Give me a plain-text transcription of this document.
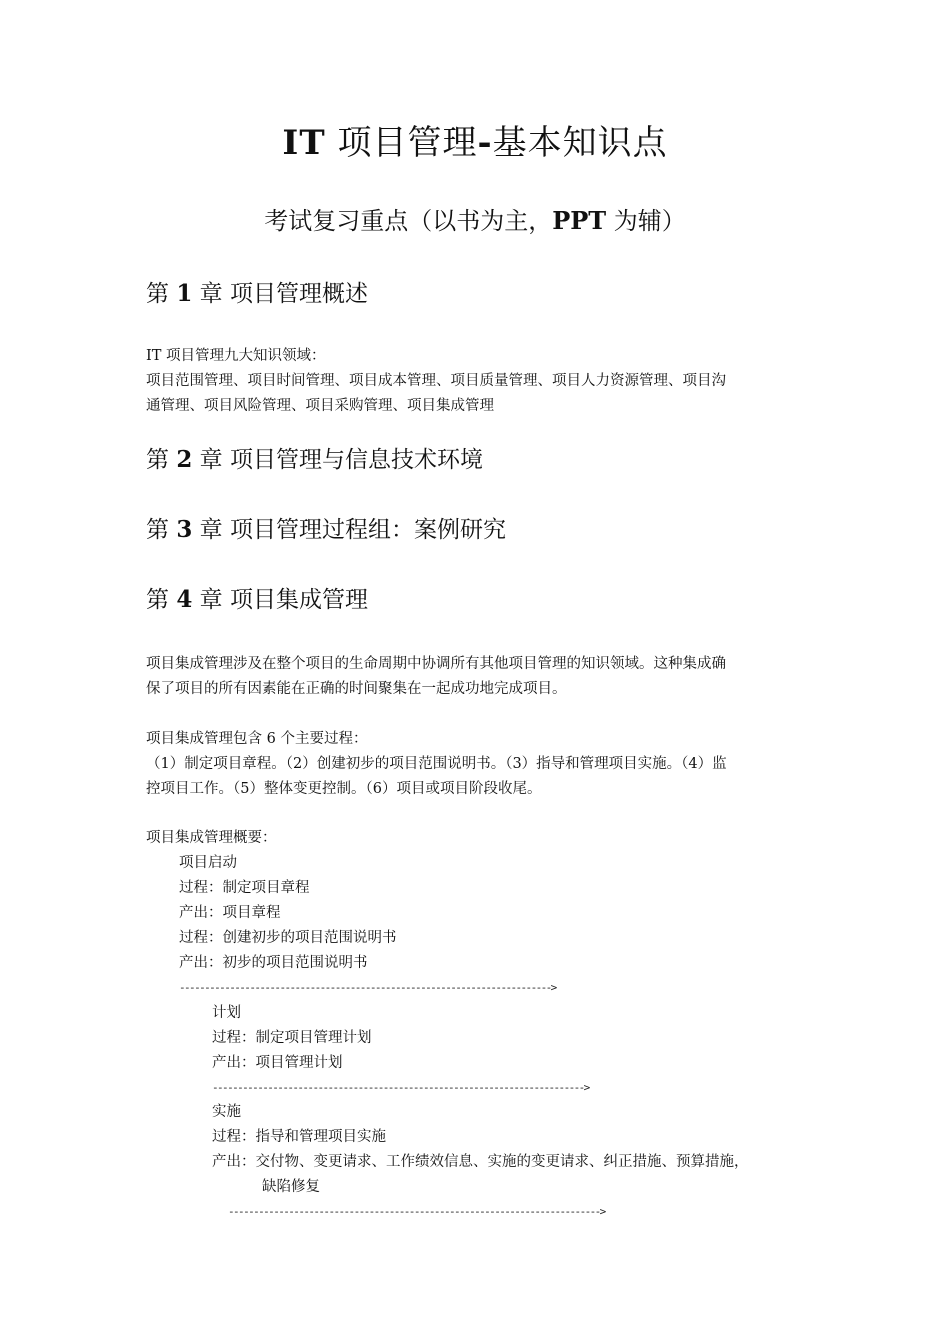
IT 项目管理-基本知识点
考试复习重点（以书为主，PPT 为辅）
第 1 章 项目管理概述
IT 项目管理九大知识领域：
项目范围管理、项目时间管理、项目成本管理、项目质量管理、项目人力资源管理、项目沟
通管理、项目风险管理、项目采购管理、项目集成管理
第 2 章 项目管理与信息技术环境
第 3 章 项目管理过程组：案例研究
第 4 章 项目集成管理
项目集成管理涉及在整个项目的生命周期中协调所有其他项目管理的知识领域。这种集成确
保了项目的所有因素能在正确的时间聚集在一起成功地完成项目。
项目集成管理包含 6 个主要过程：
（1）制定项目章程。（2）创建初步的项目范围说明书。（3）指导和管理项目实施。（4）监
控项目工作。（5）整体变更控制。（6）项目或项目阶段收尾。
项目集成管理概要：
项目启动
过程：制定项目章程
产出：项目章程
过程：创建初步的项目范围说明书
产出：初步的项目范围说明书
-------------------------------------------------------------------------->
计划
过程：制定项目管理计划
产出：项目管理计划
-------------------------------------------------------------------------->
实施
过程：指导和管理项目实施
产出：交付物、变更请求、工作绩效信息、实施的变更请求、纠正措施、预算措施，
缺陷修复
-------------------------------------------------------------------------->
